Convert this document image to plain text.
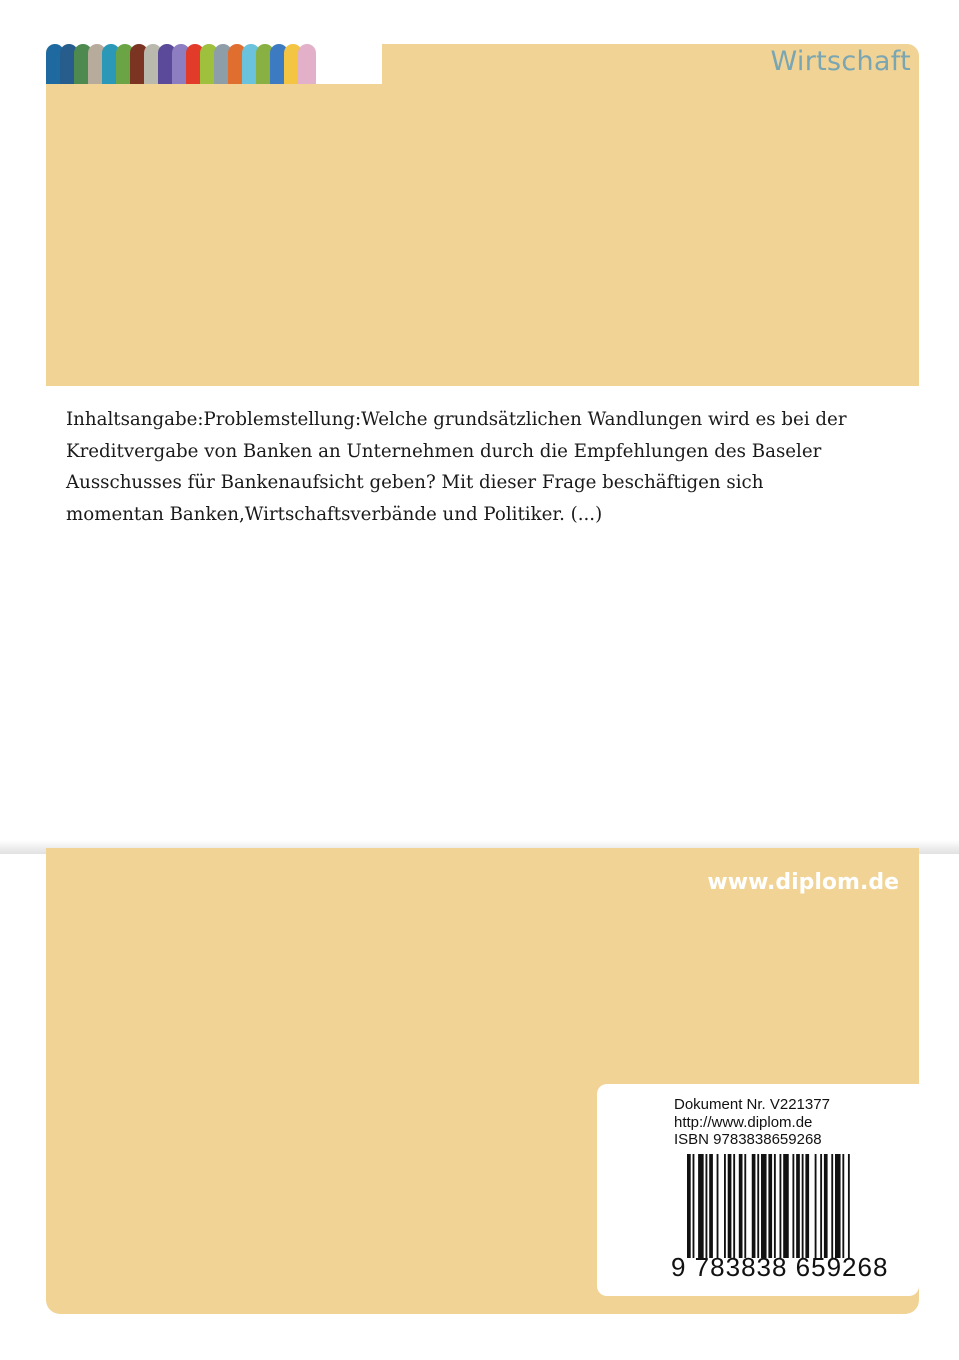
Wirtschaft
Inhaltsangabe:Problemstellung:Welche grundsätzlichen Wandlungen wird es bei der Kreditvergabe von Banken an Unternehmen durch die Empfehlungen des Baseler Ausschusses für Bankenaufsicht geben? Mit dieser Frage beschäftigen sich momentan Banken,Wirtschaftsverbände und Politiker. (...)
www.diplom.de
Dokument Nr. V221377
http://www.diplom.de
ISBN 9783838659268
9 783838 659268
